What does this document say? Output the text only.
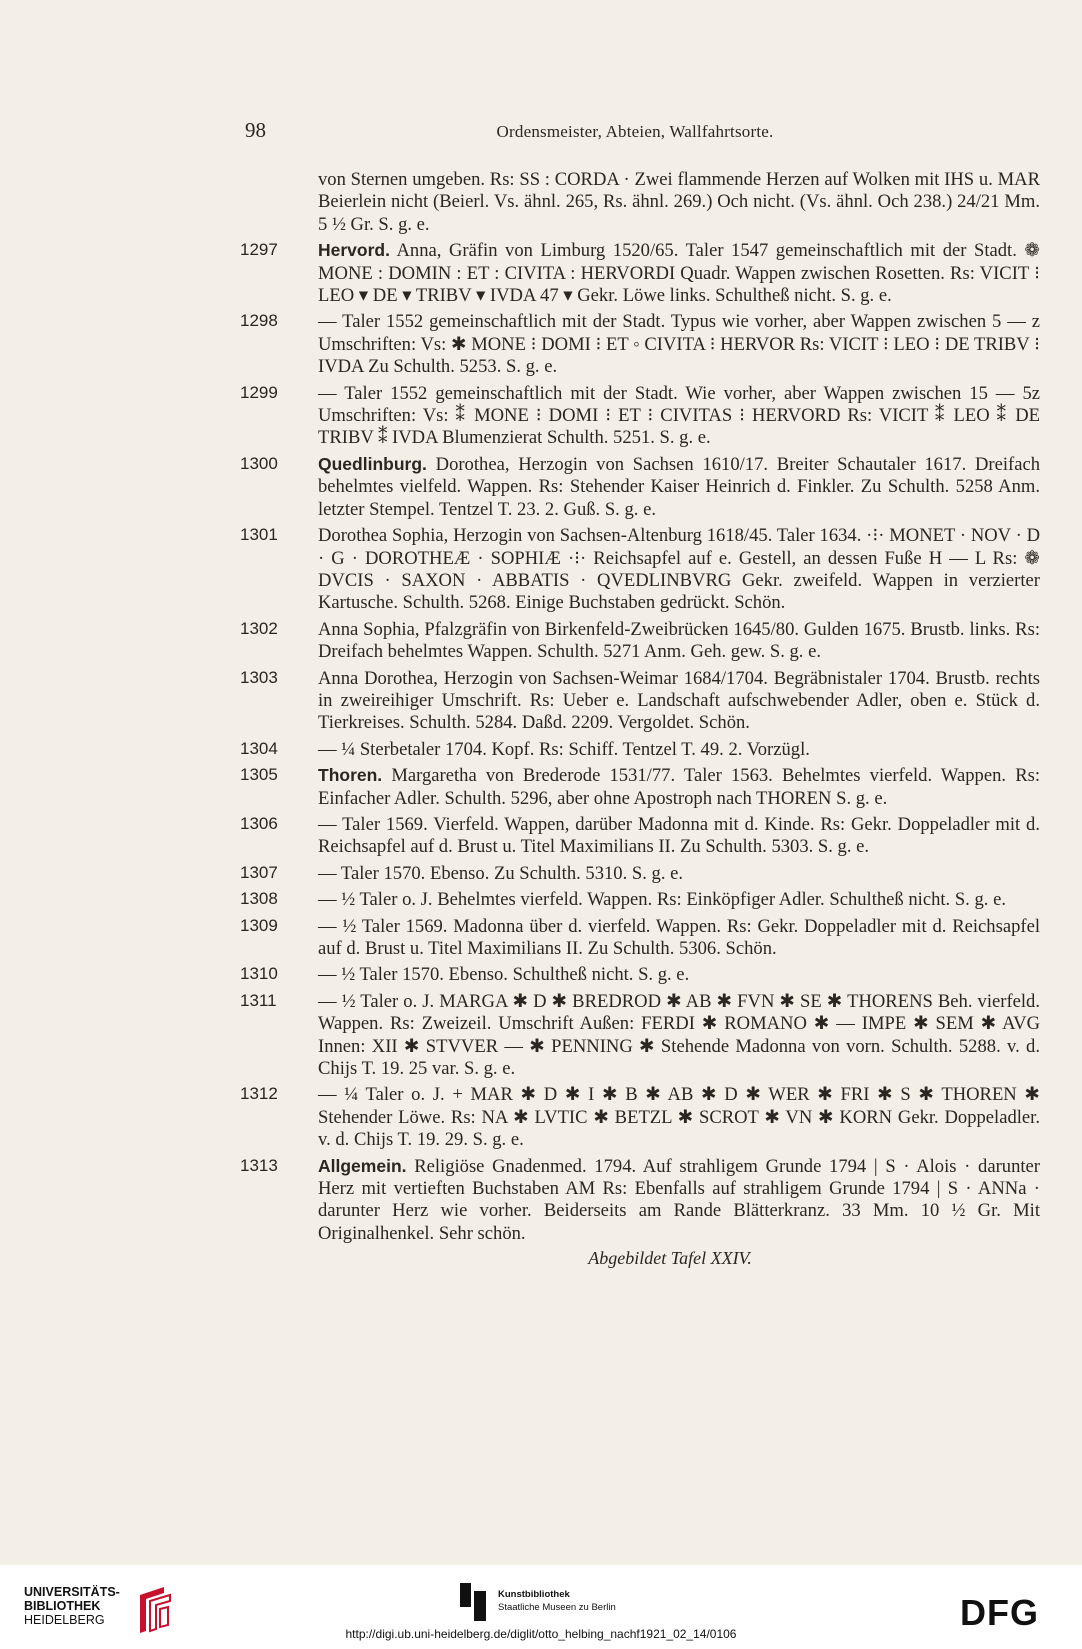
98	Ordensmeister, Abteien, Wallfahrtsorte.
von Sternen umgeben. Rs: SS : CORDA · Zwei flammende Herzen auf Wolken mit IHS u. MAR Beierlein nicht (Beierl. Vs. ähnl. 265, Rs. ähnl. 269.) Och nicht. (Vs. ähnl. Och 238.) 24/21 Mm. 5 ½ Gr. S. g. e.
1297 Hervord. Anna, Gräfin von Limburg 1520/65. Taler 1547 gemeinschaftlich mit der Stadt. ❁ MONE : DOMIN : ET : CIVITA : HERVORDI Quadr. Wappen zwischen Rosetten. Rs: VICIT ⁝ LEO ▾ DE ▾ TRIBV ▾ IVDA 47 ▾ Gekr. Löwe links. Schultheß nicht. S. g. e.
1298 — Taler 1552 gemeinschaftlich mit der Stadt. Typus wie vorher, aber Wappen zwischen 5 — z Umschriften: Vs: ✱ MONE ⁝ DOMI ⁝ ET ◦ CIVITA ⁝ HERVOR Rs: VICIT ⁝ LEO ⁝ DE TRIBV ⁝ IVDA Zu Schulth. 5253. S. g. e.
1299 — Taler 1552 gemeinschaftlich mit der Stadt. Wie vorher, aber Wappen zwischen 15 — 5z Umschriften: Vs: ⁑ MONE ⁝ DOMI ⁝ ET ⁝ CIVITAS ⁝ HERVORD Rs: VICIT ⁑ LEO ⁑ DE TRIBV ⁑ IVDA Blumenzierat Schulth. 5251. S. g. e.
1300 Quedlinburg. Dorothea, Herzogin von Sachsen 1610/17. Breiter Schautaler 1617. Dreifach behelmtes vielfeld. Wappen. Rs: Stehender Kaiser Heinrich d. Finkler. Zu Schulth. 5258 Anm. letzter Stempel. Tentzel T. 23. 2. Guß. S. g. e.
1301 Dorothea Sophia, Herzogin von Sachsen-Altenburg 1618/45. Taler 1634. ·⁝· MONET · NOV · D · G · DOROTHEÆ · SOPHIÆ ·⁝· Reichsapfel auf e. Gestell, an dessen Fuße H — L Rs: ❁ DVCIS · SAXON · ABBATIS · QVEDLINBVRG Gekr. zweifeld. Wappen in verzierter Kartusche. Schulth. 5268. Einige Buchstaben gedrückt. Schön.
1302 Anna Sophia, Pfalzgräfin von Birkenfeld-Zweibrücken 1645/80. Gulden 1675. Brustb. links. Rs: Dreifach behelmtes Wappen. Schulth. 5271 Anm. Geh. gew. S. g. e.
1303 Anna Dorothea, Herzogin von Sachsen-Weimar 1684/1704. Begräbnistaler 1704. Brustb. rechts in zweireihiger Umschrift. Rs: Ueber e. Landschaft aufschwebender Adler, oben e. Stück d. Tierkreises. Schulth. 5284. Daßd. 2209. Vergoldet. Schön.
1304 — ¼ Sterbetaler 1704. Kopf. Rs: Schiff. Tentzel T. 49. 2. Vorzügl.
1305 Thoren. Margaretha von Brederode 1531/77. Taler 1563. Behelmtes vierfeld. Wappen. Rs: Einfacher Adler. Schulth. 5296, aber ohne Apostroph nach THOREN S. g. e.
1306 — Taler 1569. Vierfeld. Wappen, darüber Madonna mit d. Kinde. Rs: Gekr. Doppeladler mit d. Reichsapfel auf d. Brust u. Titel Maximilians II. Zu Schulth. 5303. S. g. e.
1307 — Taler 1570. Ebenso. Zu Schulth. 5310. S. g. e.
1308 — ½ Taler o. J. Behelmtes vierfeld. Wappen. Rs: Einköpfiger Adler. Schultheß nicht. S. g. e.
1309 — ½ Taler 1569. Madonna über d. vierfeld. Wappen. Rs: Gekr. Doppeladler mit d. Reichsapfel auf d. Brust u. Titel Maximilians II. Zu Schulth. 5306. Schön.
1310 — ½ Taler 1570. Ebenso. Schultheß nicht. S. g. e.
1311 — ½ Taler o. J. MARGA ✱ D ✱ BREDROD ✱ AB ✱ FVN ✱ SE ✱ THORENS Beh. vierfeld. Wappen. Rs: Zweizeil. Umschrift Außen: FERDI ✱ ROMANO ✱ — IMPE ✱ SEM ✱ AVG Innen: XII ✱ STVVER — ✱ PENNING ✱ Stehende Madonna von vorn. Schulth. 5288. v. d. Chijs T. 19. 25 var. S. g. e.
1312 — ¼ Taler o. J. + MAR ✱ D ✱ I ✱ B ✱ AB ✱ D ✱ WER ✱ FRI ✱ S ✱ THOREN ✱ Stehender Löwe. Rs: NA ✱ LVTIC ✱ BETZL ✱ SCROT ✱ VN ✱ KORN Gekr. Doppeladler. v. d. Chijs T. 19. 29. S. g. e.
1313 Allgemein. Religiöse Gnadenmed. 1794. Auf strahligem Grunde 1794 | S · Alois · darunter Herz mit vertieften Buchstaben AM Rs: Ebenfalls auf strahligem Grunde 1794 | S · ANNa · darunter Herz wie vorher. Beiderseits am Rande Blätterkranz. 33 Mm. 10 ½ Gr. Mit Originalhenkel. Sehr schön.
Abgebildet Tafel XXIV.
UNIVERSITÄTS-
BIBLIOTHEK
HEIDELBERG
Kunstbibliothek
Staatliche Museen zu Berlin	DFG
http://digi.ub.uni-heidelberg.de/diglit/otto_helbing_nachf1921_02_14/0106
